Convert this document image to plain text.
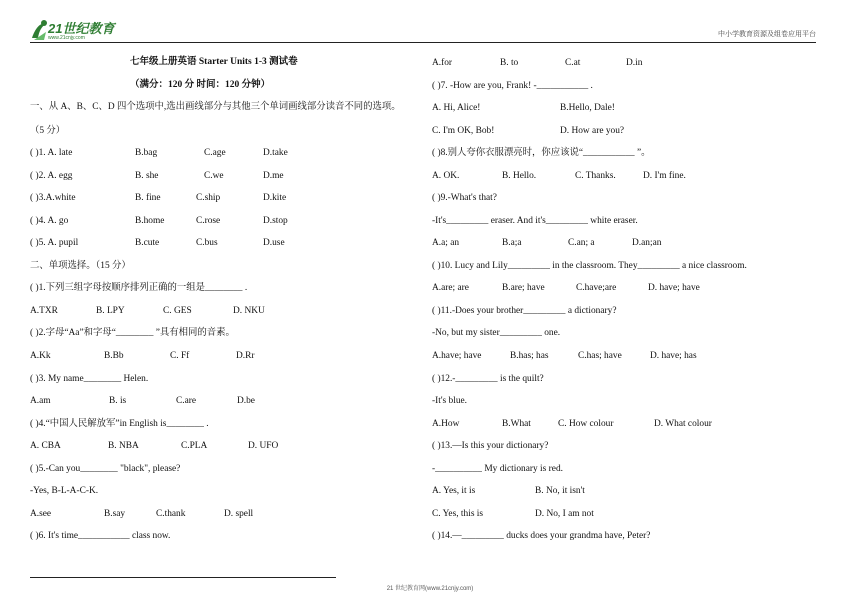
21世纪教育
www.21cnjy.com	中小学教育资源及组卷应用平台
七年级上册英语 Starter Units 1-3 测试卷
（满分：120 分 时间：120 分钟）
一、从 A、B、C、D 四个选项中,选出画线部分与其他三个单词画线部分读音不同的选项。
（5 分）
( )1. A. late	B.bag	C.age	D.take
( )2. A. egg	B. she	C.we	D.me
( )3.A.white	B. fine	C.ship	D.kite
( )4. A. go	B.home	C.rose	D.stop
( )5. A. pupil	B.cute	C.bus	D.use
二、单项选择。（15 分）
( )1.下列三组字母按顺序排列正确的一组是________ .
A.TXR	B. LPY	C. GES	D. NKU
( )2.字母“Aa”和字母“________ ”具有相同的音素。
A.Kk	B.Bb	C. Ff	D.Rr
( )3. My name________ Helen.
A.am	B. is	C.are	D.be
( )4.“中国人民解放军”in English is________ .
A. CBA	B. NBA	C.PLA	D. UFO
( )5.-Can you________ "black", please?
-Yes, B-L-A-C-K.
A.see	B.say	C.thank	D. spell
( )6. It's time___________ class now.
A.for	B. to	C.at	D.in
( )7. -How are you, Frank! -___________ .
A. Hi, Alice!	B.Hello, Dale!
C. I'm OK, Bob!	D. How are you?
( )8.别人夸你衣服漂亮时，你应该说“___________ ”。
A. OK.	B. Hello.	C. Thanks.	D. I'm fine.
( )9.-What's that?
-It's_________ eraser. And it's_________ white eraser.
A.a; an	B.a;a	C.an; a	D.an;an
( )10. Lucy and Lily_________ in the classroom. They_________ a nice classroom.
A.are; are	B.are; have	C.have;are	D. have; have
( )11.-Does your brother_________ a dictionary?
-No, but my sister_________ one.
A.have; have	B.has; has	C.has; have	D. have; has
( )12.-_________ is the quilt?
-It's blue.
A.How	B.What	C. How colour	D. What colour
( )13.—Is this your dictionary?
-__________ My dictionary is red.
A. Yes, it is	B. No, it isn't
C. Yes, this is	D. No, I am not
( )14.—_________ ducks does your grandma have, Peter?
21 世纪教育网(www.21cnjy.com)
